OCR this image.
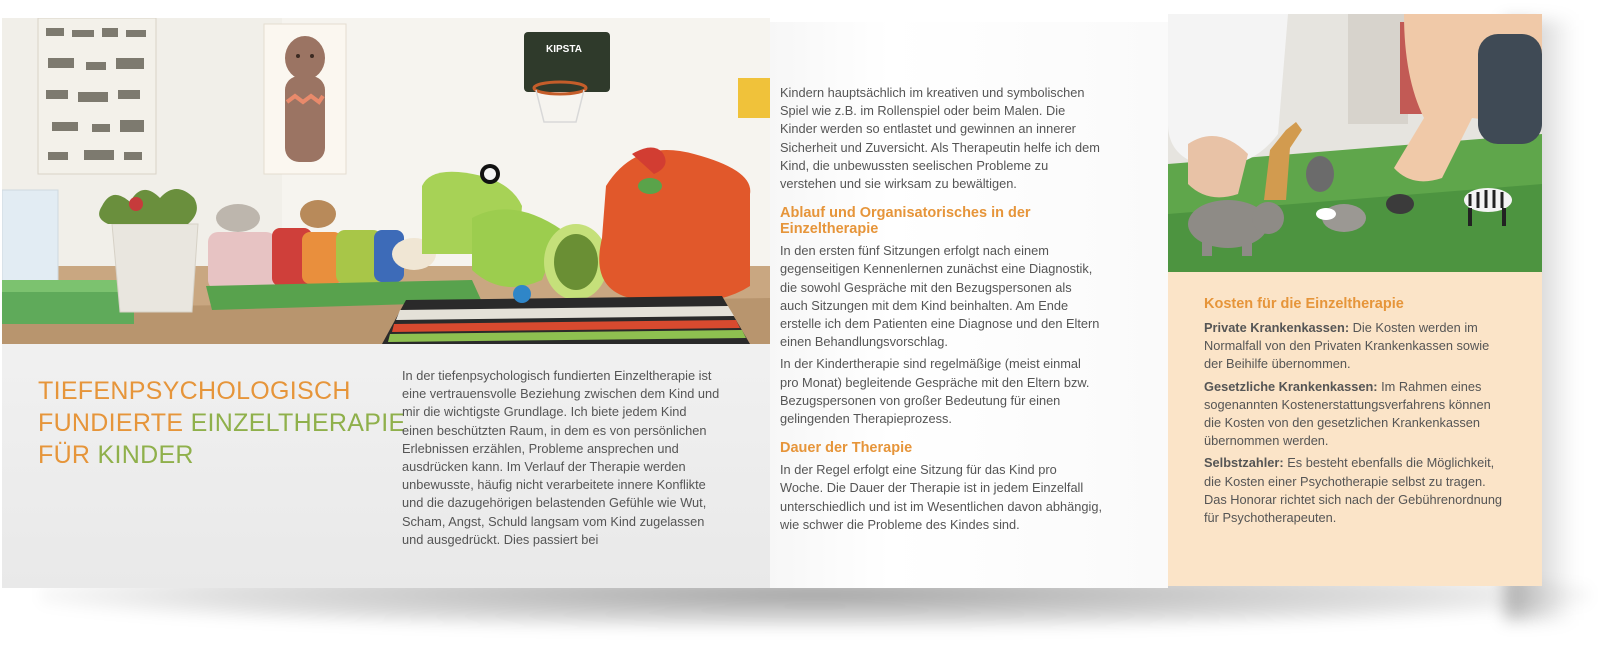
KIPSTA
TIEFENPSYCHOLOGISCH
FUNDIERTE EINZELTHERAPIE
FÜR KINDER

In der tiefenpsychologisch fundierten Einzeltherapie ist eine vertrauensvolle Beziehung zwischen dem Kind und mir die wichtigste Grundlage. Ich biete jedem Kind einen beschützten Raum, in dem es von persönlichen Erlebnissen erzählen, Probleme ansprechen und ausdrücken kann. Im Verlauf der Therapie werden unbewusste, häufig nicht verarbeitete innere Konflikte und die dazugehörigen belastenden Gefühle wie Wut, Scham, Angst, Schuld langsam vom Kind zugelassen und ausgedrückt. Dies passiert bei

Kindern hauptsächlich im kreativen und symbolischen Spiel wie z.B. im Rollenspiel oder beim Malen. Die Kinder werden so entlastet und gewinnen an innerer Sicherheit und Zuversicht. Als Therapeutin helfe ich dem Kind, die unbewussten seelischen Probleme zu verstehen und sie wirksam zu bewältigen.

Ablauf und Organisatorisches in der Einzeltherapie

In den ersten fünf Sitzungen erfolgt nach einem gegenseitigen Kennenlernen zunächst eine Diagnostik, die sowohl Gespräche mit den Bezugspersonen als auch Sitzungen mit dem Kind beinhalten. Am Ende erstelle ich dem Patienten eine Diagnose und den Eltern einen Behandlungsvorschlag.

In der Kindertherapie sind regelmäßige (meist einmal pro Monat) begleitende Gespräche mit den Eltern bzw. Bezugspersonen von großer Bedeutung für einen gelingenden Therapieprozess.

Dauer der Therapie

In der Regel erfolgt eine Sitzung für das Kind pro Woche. Die Dauer der Therapie ist in jedem Einzelfall unterschiedlich und ist im Wesentlichen davon abhängig, wie schwer die Probleme des Kindes sind.

Kosten für die Einzeltherapie

Private Krankenkassen: Die Kosten werden im Normalfall von den Privaten Krankenkassen sowie der Beihilfe übernommen.

Gesetzliche Krankenkassen: Im Rahmen eines sogenannten Kostenerstattungsverfahrens können die Kosten von den gesetzlichen Krankenkassen übernommen werden.

Selbstzahler: Es besteht ebenfalls die Möglichkeit, die Kosten einer Psychotherapie selbst zu tragen. Das Honorar richtet sich nach der Gebührenordnung für Psychotherapeuten.
